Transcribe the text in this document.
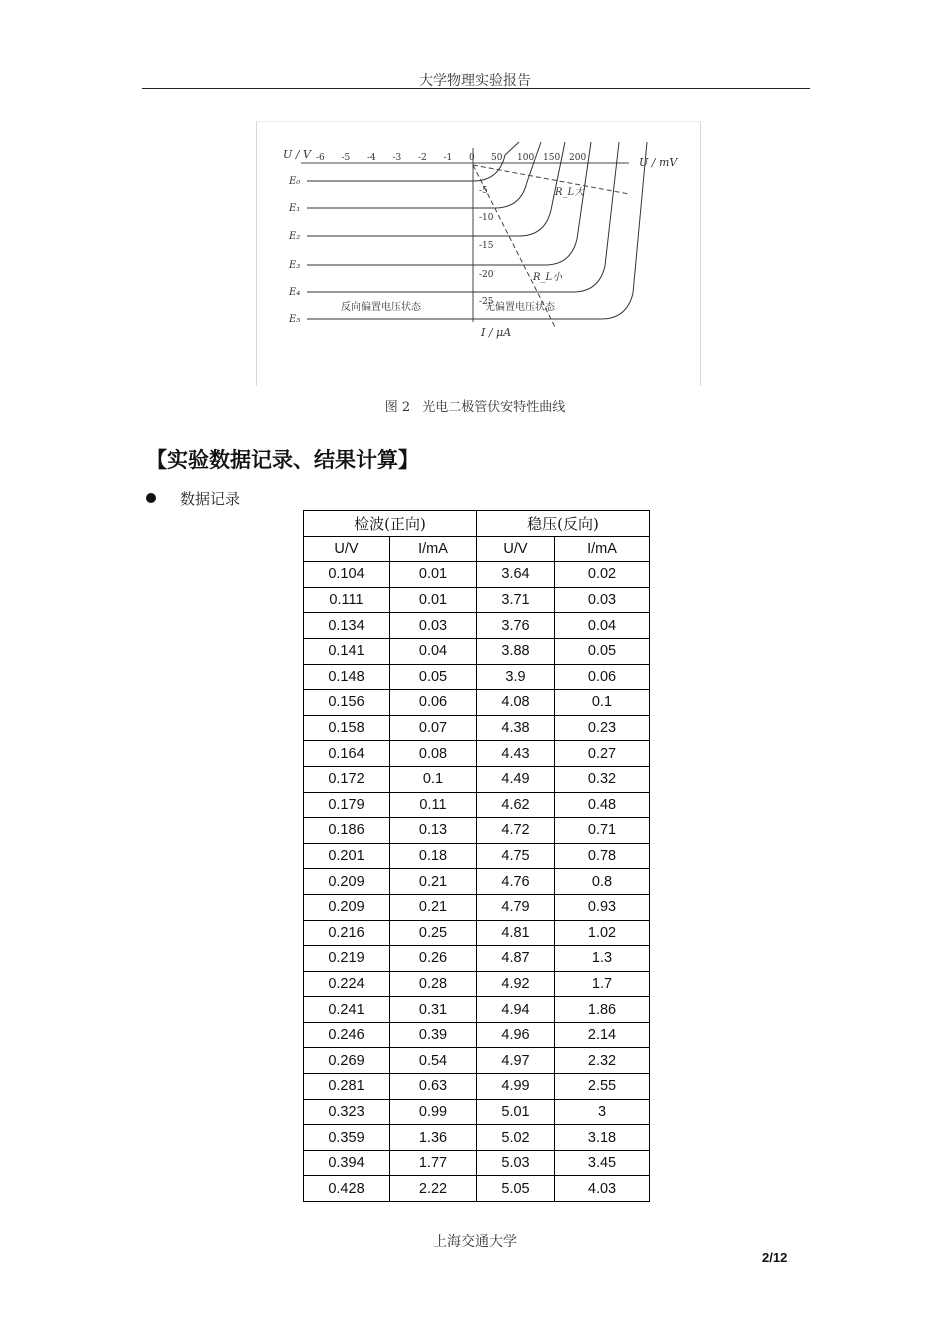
大学物理实验报告
U / V
U / mV
I / μA
-6 -5 -4 -3 -2 -1 0 50 100 150 200
-5
-10
-15
-20
-25
E₀
E₁
E₂
E₃
E₄
E₅
R_L大
R_L小
反向偏置电压状态	无偏置电压状态
图 2 光电二极管伏安特性曲线
【实验数据记录、结果计算】
数据记录
检波(正向)		稳压(反向)	
U/V	I/mA	U/V	I/mA
0.104	0.01	3.64	0.02
0.111	0.01	3.71	0.03
0.134	0.03	3.76	0.04
0.141	0.04	3.88	0.05
0.148	0.05	3.9	0.06
0.156	0.06	4.08	0.1
0.158	0.07	4.38	0.23
0.164	0.08	4.43	0.27
0.172	0.1	4.49	0.32
0.179	0.11	4.62	0.48
0.186	0.13	4.72	0.71
0.201	0.18	4.75	0.78
0.209	0.21	4.76	0.8
0.209	0.21	4.79	0.93
0.216	0.25	4.81	1.02
0.219	0.26	4.87	1.3
0.224	0.28	4.92	1.7
0.241	0.31	4.94	1.86
0.246	0.39	4.96	2.14
0.269	0.54	4.97	2.32
0.281	0.63	4.99	2.55
0.323	0.99	5.01	3
0.359	1.36	5.02	3.18
0.394	1.77	5.03	3.45
0.428	2.22	5.05	4.03
上海交通大学
2/12
